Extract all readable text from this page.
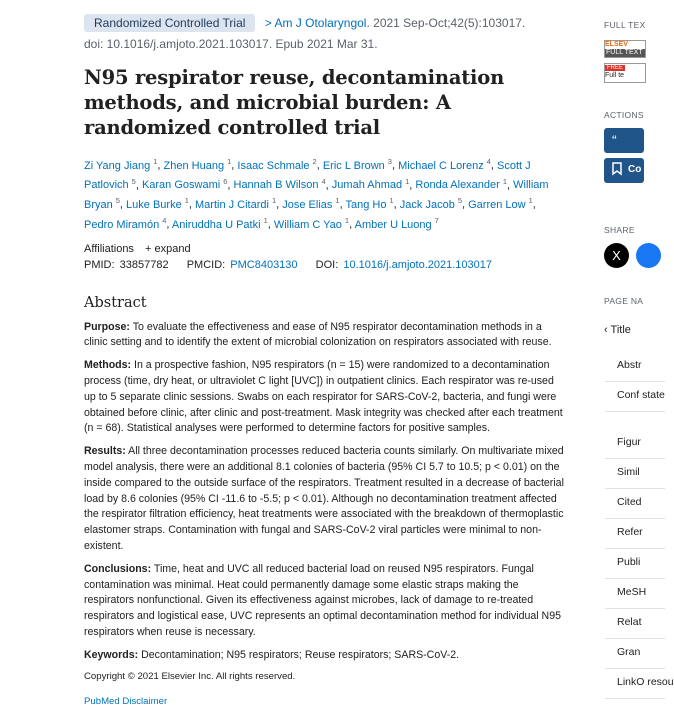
Randomized Controlled Trial > Am J Otolaryngol. 2021 Sep-Oct;42(5):103017.
doi: 10.1016/j.amjoto.2021.103017. Epub 2021 Mar 31.
N95 respirator reuse, decontamination methods, and microbial burden: A randomized controlled trial
Zi Yang Jiang $^1$, Zhen Huang $^1$, Isaac Schmale $^2$, Eric L Brown $^3$, Michael C Lorenz $^4$, Scott J Patlovich $^5$, Karan Goswami $^6$, Hannah B Wilson $^4$, Jumah Ahmad $^1$, Ronda Alexander $^1$, William Bryan $^5$, Luke Burke $^1$, Martin J Citardi $^1$, Jose Elias $^1$, Tang Ho $^1$, Jack Jacob $^5$, Garren Low $^1$, Pedro Miramón $^4$, Aniruddha U Patki $^1$, William C Yao $^1$, Amber U Luong $^7$
Affiliations + expand
PMID: 33857782 PMCID: PMC8403130 DOI: 10.1016/j.amjoto.2021.103017
Abstract

Purpose: To evaluate the effectiveness and ease of N95 respirator decontamination methods in a clinic setting and to identify the extent of microbial colonization on respirators associated with reuse.

Methods: In a prospective fashion, N95 respirators (n = 15) were randomized to a decontamination process (time, dry heat, or ultraviolet C light [UVC]) in outpatient clinics. Each respirator was re-used up to 5 separate clinic sessions. Swabs on each respirator for SARS-CoV-2, bacteria, and fungi were obtained before clinic, after clinic and post-treatment. Mask integrity was checked after each treatment (n = 68). Statistical analyses were performed to determine factors for positive samples.

Results: All three decontamination processes reduced bacteria counts similarly. On multivariate mixed model analysis, there were an additional 8.1 colonies of bacteria (95% CI 5.7 to 10.5; p < 0.01) on the inside compared to the outside surface of the respirators. Treatment resulted in a decrease of bacterial load by 8.6 colonies (95% CI -11.6 to -5.5; p < 0.01). Although no decontamination treatment affected the respirator filtration efficiency, heat treatments were associated with the breakdown of thermoplastic elastomer straps. Contamination with fungal and SARS-CoV-2 viral particles were minimal to non-existent.

Conclusions: Time, heat and UVC all reduced bacterial load on reused N95 respirators. Fungal contamination was minimal. Heat could permanently damage some elastic straps making the respirators nonfunctional. Given its effectiveness against microbes, lack of damage to re-treated respirators and logistical ease, UVC represents an optimal decontamination method for individual N95 respirators when reuse is necessary.

Keywords: Decontamination; N95 respirators; Reuse respirators; SARS-CoV-2.

Copyright © 2021 Elsevier Inc. All rights reserved.
PubMed Disclaimer
FULL TEX
ELSEV
FULL TEXT
FREE
Full te
ACTIONS
“
Co
SHARE
X
PAGE NA
‹ Title
Abstr
Conf state
Figur
Simil
Cited
Refer
Publi
MeSH
Relat
Gran
LinkO resou
